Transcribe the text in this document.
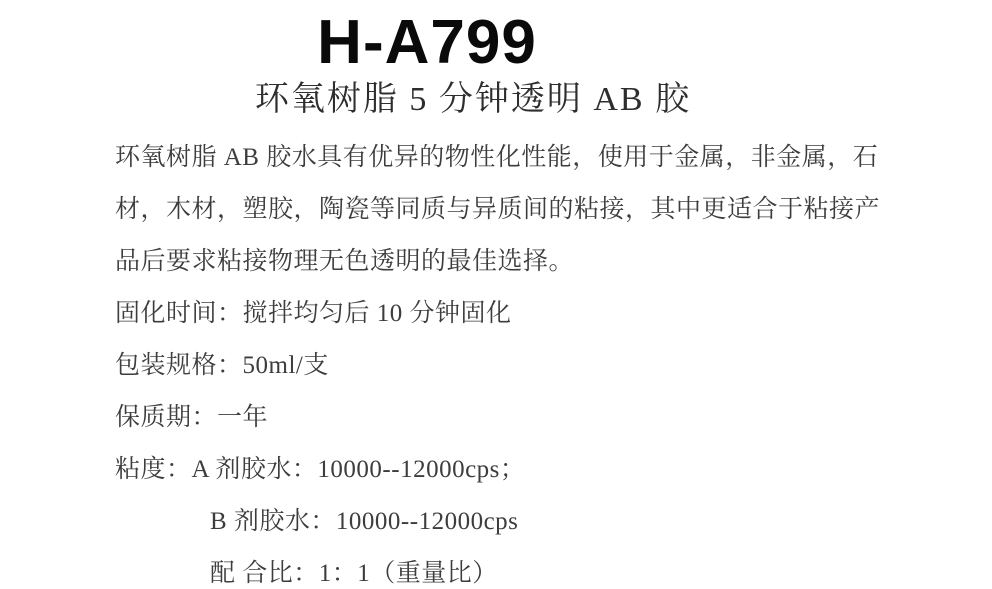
H-A799
环氧树脂 5 分钟透明 AB 胶
环氧树脂 AB 胶水具有优异的物性化性能，使用于金属，非金属，石
材，木材，塑胶，陶瓷等同质与异质间的粘接，其中更适合于粘接产
品后要求粘接物理无色透明的最佳选择。
固化时间：搅拌均匀后 10 分钟固化
包装规格：50ml/支
保质期：一年
粘度：A 剂胶水：10000--12000cps；
B 剂胶水：10000--12000cps
配 合比：1：1（重量比）
